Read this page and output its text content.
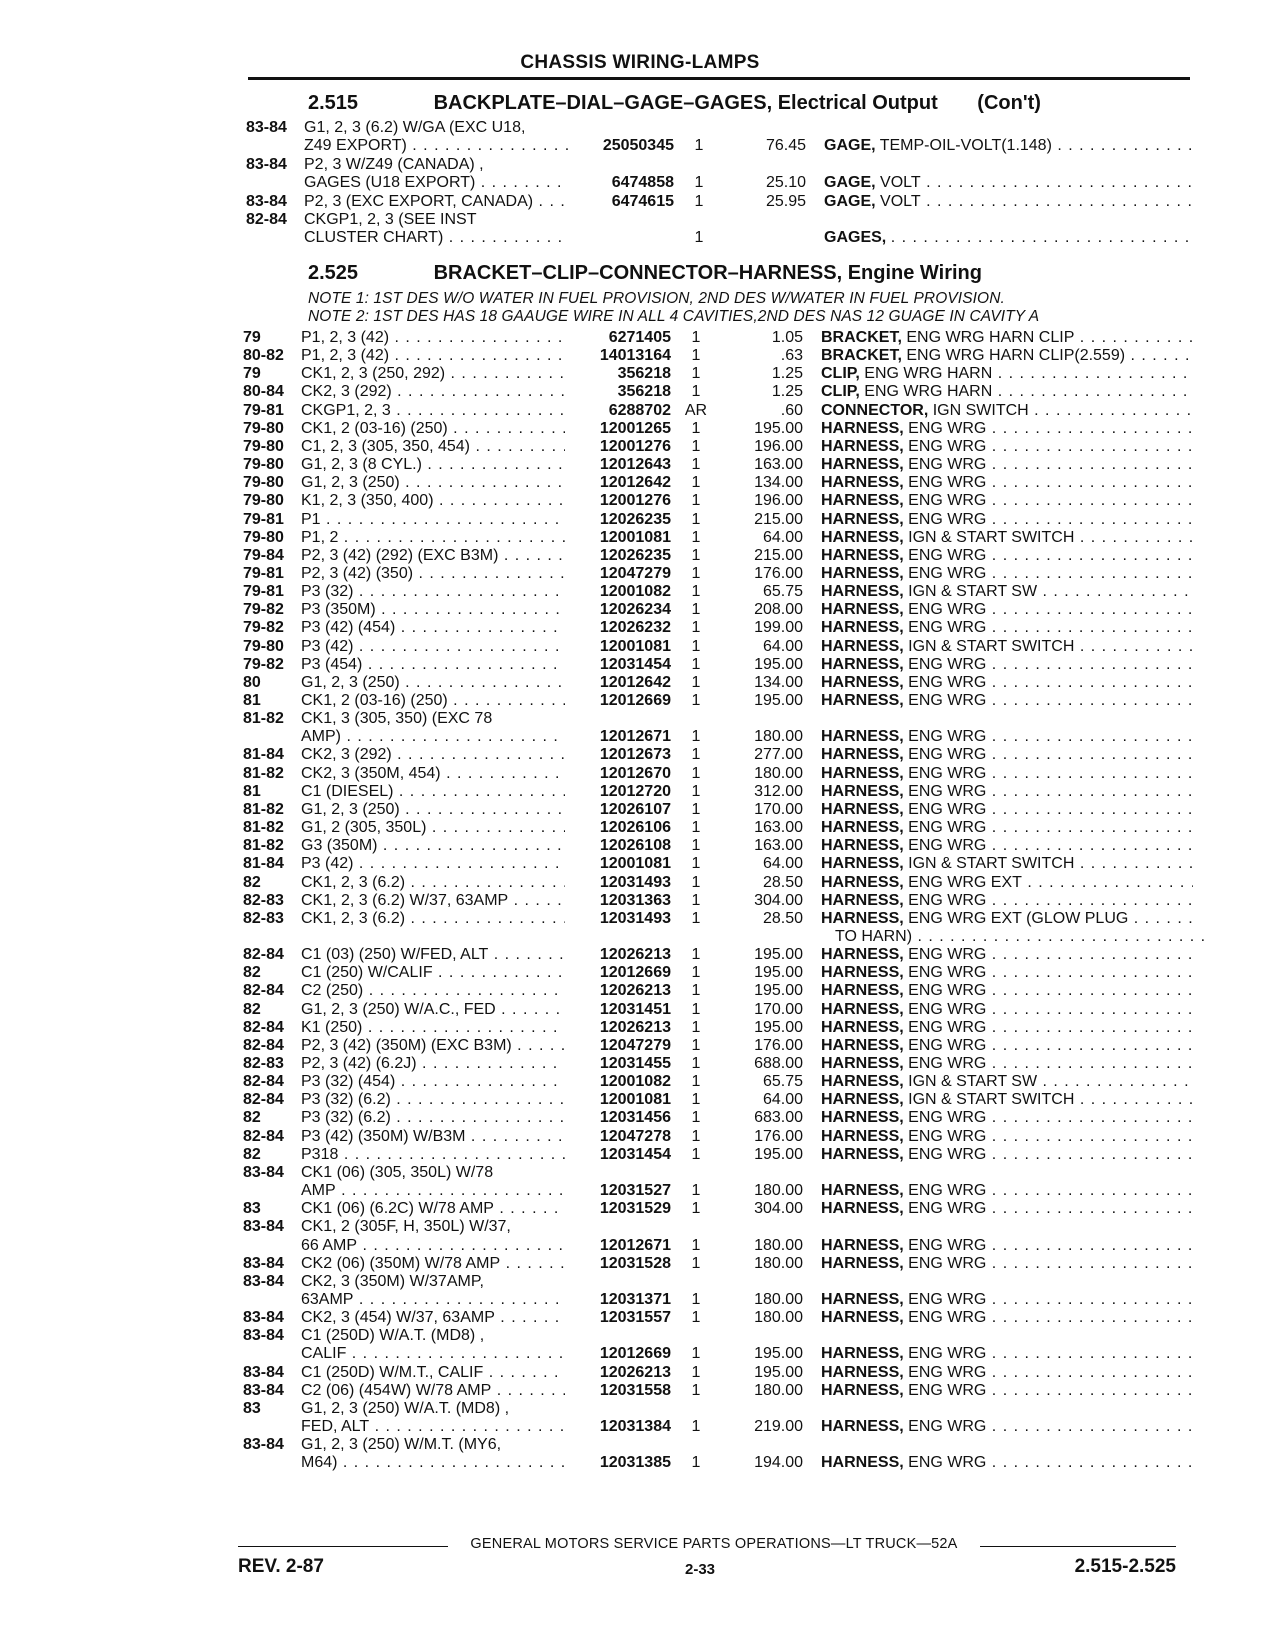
CHASSIS WIRING-LAMPS
2.515	BACKPLATE–DIAL–GAGE–GAGES, Electrical Output (Con't)
83-84 G1, 2, 3 (6.2) W/GA (EXC U18,
Z49 EXPORT) . . .	25050345	1	76.45 GAGE, TEMP-OIL-VOLT(1.148) . . .
83-84 P2, 3 W/Z49 (CANADA) ,
GAGES (U18 EXPORT) . . .	6474858	1	25.10 GAGE, VOLT . . .
83-84 P2, 3 (EXC EXPORT, CANADA) . . .	6474615	1	25.95 GAGE, VOLT . . .
82-84 CKGP1, 2, 3 (SEE INST
CLUSTER CHART) . . .	1	GAGES, . . .
2.525	BRACKET–CLIP–CONNECTOR–HARNESS, Engine Wiring
NOTE 1: 1ST DES W/O WATER IN FUEL PROVISION, 2ND DES W/WATER IN FUEL PROVISION.
NOTE 2: 1ST DES HAS 18 GAAUGE WIRE IN ALL 4 CAVITIES,2ND DES NAS 12 GUAGE IN CAVITY A
79	P1, 2, 3 (42) . . .	6271405	1	1.05 BRACKET, ENG WRG HARN CLIP . . .
80-82 P1, 2, 3 (42) . . .	14013164	1	.63 BRACKET, ENG WRG HARN CLIP(2.559) . . .
79	CK1, 2, 3 (250, 292) . . .	356218	1	1.25 CLIP, ENG WRG HARN . . .
80-84 CK2, 3 (292) . . .	356218	1	1.25 CLIP, ENG WRG HARN . . .
79-81 CKGP1, 2, 3 . . .	6288702 AR	.60 CONNECTOR, IGN SWITCH . . .
79-80 CK1, 2 (03-16) (250) . . .	12001265	1	195.00 HARNESS, ENG WRG . . .
79-80 C1, 2, 3 (305, 350, 454) . . .	12001276	1	196.00 HARNESS, ENG WRG . . .
79-80 G1, 2, 3 (8 CYL.) . . .	12012643	1	163.00 HARNESS, ENG WRG . . .
79-80 G1, 2, 3 (250) . . .	12012642	1	134.00 HARNESS, ENG WRG . . .
79-80 K1, 2, 3 (350, 400) . . .	12001276	1	196.00 HARNESS, ENG WRG . . .
79-81 P1 . . .	12026235	1	215.00 HARNESS, ENG WRG . . .
79-80 P1, 2 . . .	12001081	1	64.00 HARNESS, IGN & START SWITCH . . .
79-84 P2, 3 (42) (292) (EXC B3M) . . .	12026235	1	215.00 HARNESS, ENG WRG . . .
79-81 P2, 3 (42) (350) . . .	12047279	1	176.00 HARNESS, ENG WRG . . .
79-81 P3 (32) . . .	12001082	1	65.75 HARNESS, IGN & START SW . . .
79-82 P3 (350M) . . .	12026234	1	208.00 HARNESS, ENG WRG . . .
79-82 P3 (42) (454) . . .	12026232	1	199.00 HARNESS, ENG WRG . . .
79-80 P3 (42) . . .	12001081	1	64.00 HARNESS, IGN & START SWITCH . . .
79-82 P3 (454) . . .	12031454	1	195.00 HARNESS, ENG WRG . . .
80	G1, 2, 3 (250) . . .	12012642	1	134.00 HARNESS, ENG WRG . . .
81	CK1, 2 (03-16) (250) . . .	12012669	1	195.00 HARNESS, ENG WRG . . .
81-82 CK1, 3 (305, 350) (EXC 78
AMP) . . .	12012671	1	180.00 HARNESS, ENG WRG . . .
81-84 CK2, 3 (292) . . .	12012673	1	277.00 HARNESS, ENG WRG . . .
81-82 CK2, 3 (350M, 454) . . .	12012670	1	180.00 HARNESS, ENG WRG . . .
81	C1 (DIESEL) . . .	12012720	1	312.00 HARNESS, ENG WRG . . .
81-82 G1, 2, 3 (250) . . .	12026107	1	170.00 HARNESS, ENG WRG . . .
81-82 G1, 2 (305, 350L) . . .	12026106	1	163.00 HARNESS, ENG WRG . . .
81-82 G3 (350M) . . .	12026108	1	163.00 HARNESS, ENG WRG . . .
81-84 P3 (42) . . .	12001081	1	64.00 HARNESS, IGN & START SWITCH . . .
82	CK1, 2, 3 (6.2) . . .	12031493	1	28.50 HARNESS, ENG WRG EXT . . .
82-83 CK1, 2, 3 (6.2) W/37, 63AMP . . .	12031363	1	304.00 HARNESS, ENG WRG . . .
82-83 CK1, 2, 3 (6.2) . . .	12031493	1	28.50 HARNESS, ENG WRG EXT (GLOW PLUG . . .
TO HARN) . . .
82-84 C1 (03) (250) W/FED, ALT . . .	12026213	1	195.00 HARNESS, ENG WRG . . .
82	C1 (250) W/CALIF . . .	12012669	1	195.00 HARNESS, ENG WRG . . .
82-84 C2 (250) . . .	12026213	1	195.00 HARNESS, ENG WRG . . .
82	G1, 2, 3 (250) W/A.C., FED . . .	12031451	1	170.00 HARNESS, ENG WRG . . .
82-84 K1 (250) . . .	12026213	1	195.00 HARNESS, ENG WRG . . .
82-84 P2, 3 (42) (350M) (EXC B3M) . . .	12047279	1	176.00 HARNESS, ENG WRG . . .
82-83 P2, 3 (42) (6.2J) . . .	12031455	1	688.00 HARNESS, ENG WRG . . .
82-84 P3 (32) (454) . . .	12001082	1	65.75 HARNESS, IGN & START SW . . .
82-84 P3 (32) (6.2) . . .	12001081	1	64.00 HARNESS, IGN & START SWITCH . . .
82	P3 (32) (6.2) . . .	12031456	1	683.00 HARNESS, ENG WRG . . .
82-84 P3 (42) (350M) W/B3M . . .	12047278	1	176.00 HARNESS, ENG WRG . . .
82	P318 . . .	12031454	1	195.00 HARNESS, ENG WRG . . .
83-84 CK1 (06) (305, 350L) W/78
AMP . . .	12031527	1	180.00 HARNESS, ENG WRG . . .
83	CK1 (06) (6.2C) W/78 AMP . . .	12031529	1	304.00 HARNESS, ENG WRG . . .
83-84 CK1, 2 (305F, H, 350L) W/37,
66 AMP . . .	12012671	1	180.00 HARNESS, ENG WRG . . .
83-84 CK2 (06) (350M) W/78 AMP . . .	12031528	1	180.00 HARNESS, ENG WRG . . .
83-84 CK2, 3 (350M) W/37AMP,
63AMP . . .	12031371	1	180.00 HARNESS, ENG WRG . . .
83-84 CK2, 3 (454) W/37, 63AMP . . .	12031557	1	180.00 HARNESS, ENG WRG . . .
83-84 C1 (250D) W/A.T. (MD8) ,
CALIF . . .	12012669	1	195.00 HARNESS, ENG WRG . . .
83-84 C1 (250D) W/M.T., CALIF . . .	12026213	1	195.00 HARNESS, ENG WRG . . .
83-84 C2 (06) (454W) W/78 AMP . . .	12031558	1	180.00 HARNESS, ENG WRG . . .
83	G1, 2, 3 (250) W/A.T. (MD8) ,
FED, ALT . . .	12031384	1	219.00 HARNESS, ENG WRG . . .
83-84 G1, 2, 3 (250) W/M.T. (MY6,
M64) . . .	12031385	1	194.00 HARNESS, ENG WRG . . .
GENERAL MOTORS SERVICE PARTS OPERATIONS—LT TRUCK—52A
REV. 2-87	2-33	2.515-2.525
